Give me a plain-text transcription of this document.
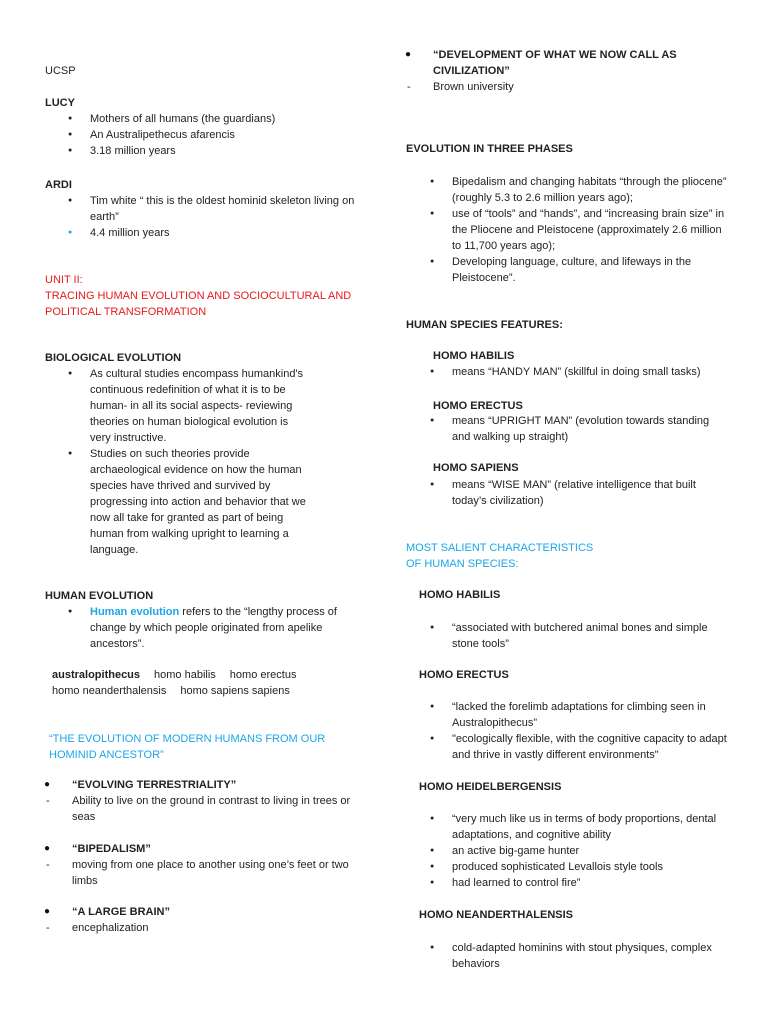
UCSP
LUCY
● Mothers of all humans (the guardians)
● An Australipethecus afarencis
● 3.18 million years
ARDI
● Tim white “ this is the oldest hominid skeleton living on earth”
● 4.4 million years
UNIT II:
TRACING HUMAN EVOLUTION AND SOCIOCULTURAL AND POLITICAL TRANSFORMATION
BIOLOGICAL EVOLUTION
● As cultural studies encompass humankind's continuous redefinition of what it is to be human- in all its social aspects- reviewing theories on human biological evolution is very instructive.
● Studies on such theories provide archaeological evidence on how the human species have thrived and survived by progressing into action and behavior that we now all take for granted as part of being human from walking upright to learning a language.
HUMAN EVOLUTION
● Human evolution refers to the “lengthy process of change by which people originated from apelike ancestors”.
australopithecus homo habilis homo erectus
homo neanderthalensis homo sapiens sapiens
“THE EVOLUTION OF MODERN HUMANS FROM OUR HOMINID ANCESTOR”
● “EVOLVING TERRESTRIALITY”
- Ability to live on the ground in contrast to living in trees or seas
● “BIPEDALISM”
- moving from one place to another using one’s feet or two limbs
● “A LARGE BRAIN”
- encephalization
● “DEVELOPMENT OF WHAT WE NOW CALL AS CIVILIZATION”
- Brown university
EVOLUTION IN THREE PHASES
● Bipedalism and changing habitats “through the pliocene” (roughly 5.3 to 2.6 million years ago);
● use of “tools” and “hands”, and “increasing brain size” in the Pliocene and Pleistocene (approximately 2.6 million to 11,700 years ago);
● Developing language, culture, and lifeways in the Pleistocene”.
HUMAN SPECIES FEATURES:
HOMO HABILIS
● means “HANDY MAN” (skillful in doing small tasks)
HOMO ERECTUS
● means “UPRIGHT MAN” (evolution towards standing and walking up straight)
HOMO SAPIENS
● means “WISE MAN” (relative intelligence that built today’s civilization)
MOST SALIENT CHARACTERISTICS
OF HUMAN SPECIES:
HOMO HABILIS
● “associated with butchered animal bones and simple stone tools”
HOMO ERECTUS
● “lacked the forelimb adaptations for climbing seen in Australopithecus”
● "ecologically flexible, with the cognitive capacity to adapt and thrive in vastly different environments"
HOMO HEIDELBERGENSIS
● “very much like us in terms of body proportions, dental adaptations, and cognitive ability
● an active big-game hunter
● produced sophisticated Levallois style tools
● had learned to control fire”
HOMO NEANDERTHALENSIS
● cold-adapted hominins with stout physiques, complex behaviors
